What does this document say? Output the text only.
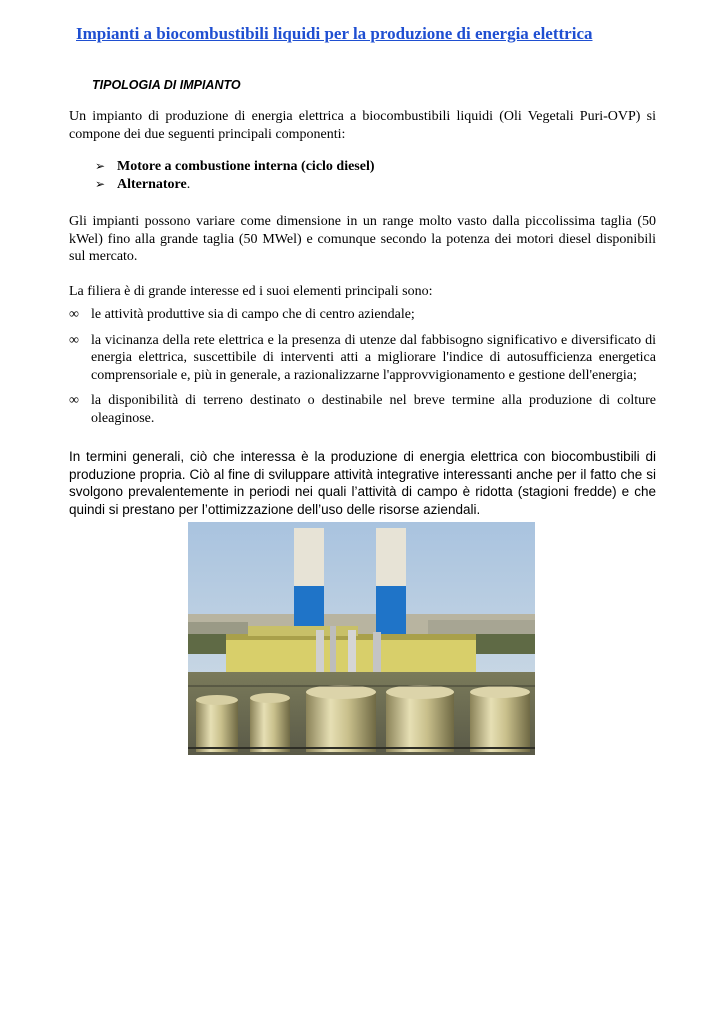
Impianti a biocombustibili liquidi per la produzione di energia elettrica
TIPOLOGIA DI IMPIANTO
Un impianto di produzione di energia elettrica a biocombustibili liquidi (Oli Vegetali Puri-OVP) si compone dei due seguenti principali componenti:
➢ Motore a combustione interna (ciclo diesel)
➢ Alternatore .
Gli impianti possono variare come dimensione in un range molto vasto dalla piccolissima taglia (50 kWel) fino alla grande taglia (50 MWel) e comunque secondo la potenza dei motori diesel disponibili sul mercato.
La filiera è di grande interesse ed i suoi elementi principali sono:
∞ le attività produttive sia di campo che di centro aziendale;
∞ la vicinanza della rete elettrica e la presenza di utenze dal fabbisogno significativo e diversificato di energia elettrica, suscettibile di interventi atti a migliorare l'indice di autosufficienza energetica comprensoriale e, più in generale, a razionalizzarne l'approvvigionamento e gestione dell'energia;
∞ la disponibilità di terreno destinato o destinabile nel breve termine alla produzione di colture oleaginose.
In termini generali, ciò che interessa è la produzione di energia elettrica con biocombustibili di produzione propria. Ciò al fine di sviluppare attività integrative interessanti anche per il fatto che si svolgono prevalentemente in periodi nei quali l’attività di campo è ridotta (stagioni fredde) e che quindi si prestano per l’ottimizzazione dell’uso delle risorse aziendali.
